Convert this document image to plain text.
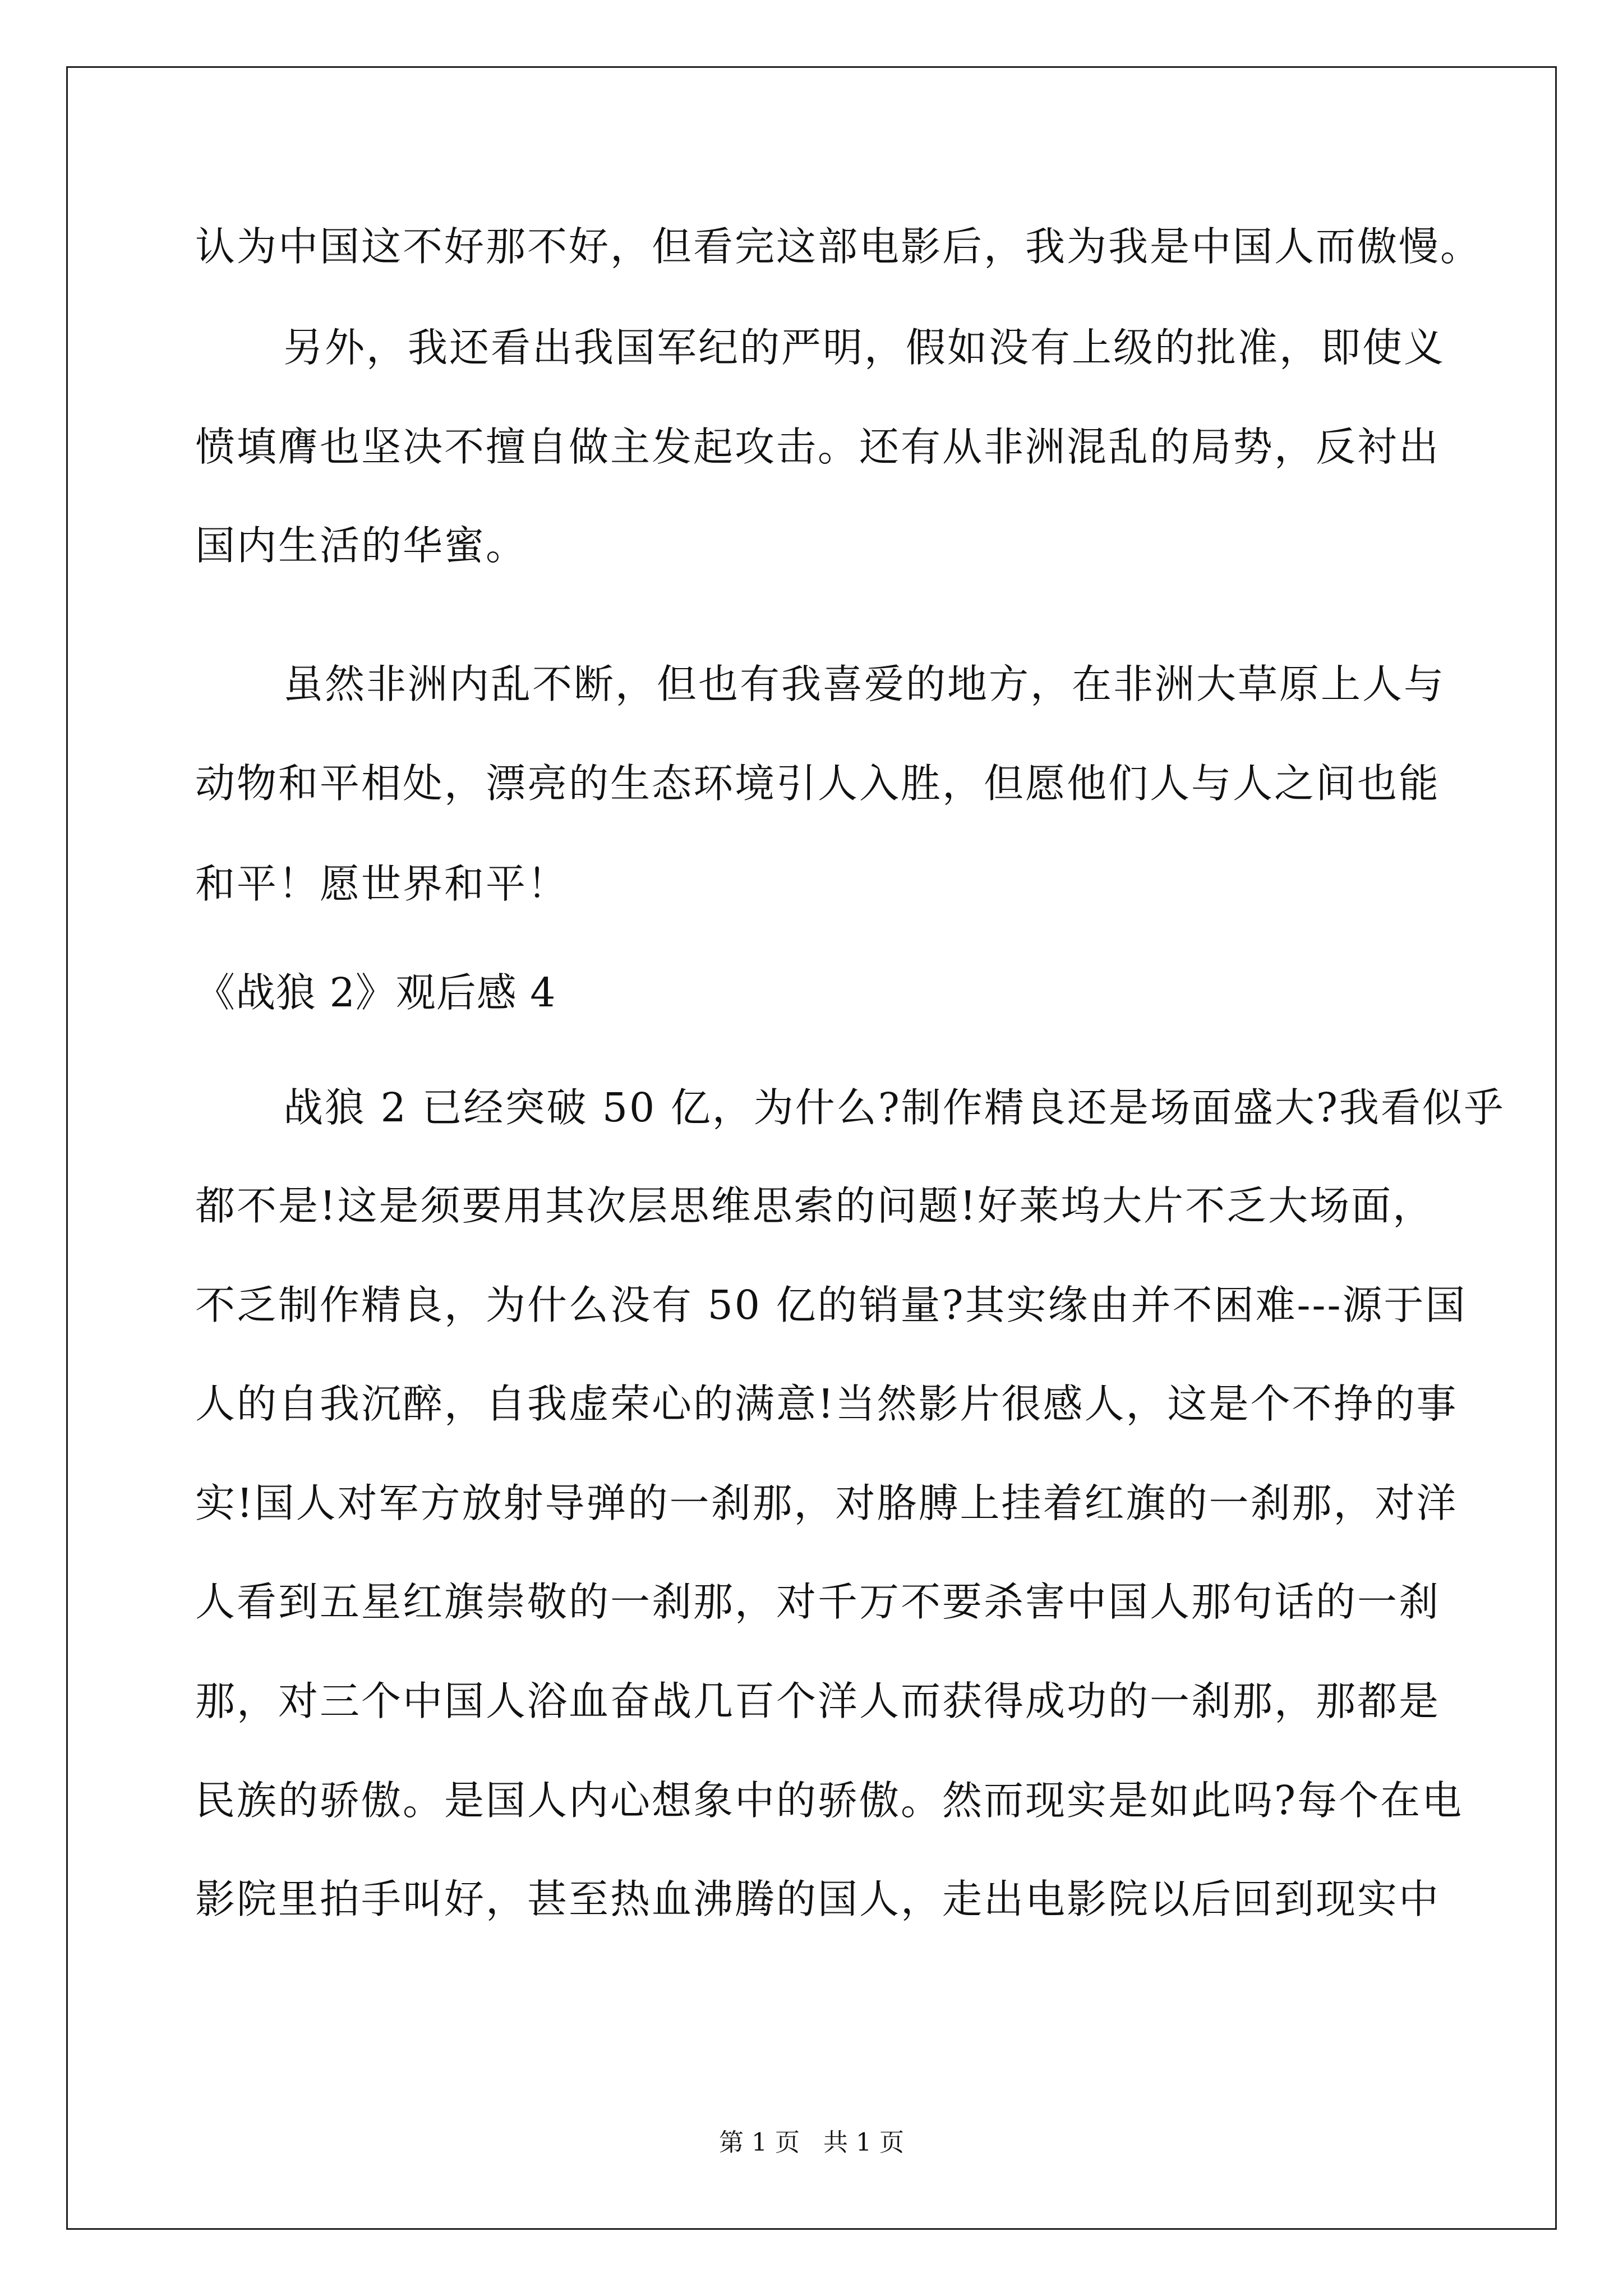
认为中国这不好那不好，但看完这部电影后，我为我是中国人而傲慢。

另外，我还看出我国军纪的严明，假如没有上级的批准，即使义

愤填膺也坚决不擅自做主发起攻击。还有从非洲混乱的局势，反衬出

国内生活的华蜜。

虽然非洲内乱不断，但也有我喜爱的地方，在非洲大草原上人与

动物和平相处，漂亮的生态环境引人入胜，但愿他们人与人之间也能

和平！愿世界和平！

《战狼 2》观后感 4

战狼 2 已经突破 50 亿，为什么?制作精良还是场面盛大?我看似乎

都不是!这是须要用其次层思维思索的问题!好莱坞大片不乏大场面，

不乏制作精良，为什么没有 50 亿的销量?其实缘由并不困难---源于国

人的自我沉醉，自我虚荣心的满意!当然影片很感人，这是个不挣的事

实!国人对军方放射导弹的一刹那，对胳膊上挂着红旗的一刹那，对洋

人看到五星红旗崇敬的一刹那，对千万不要杀害中国人那句话的一刹

那，对三个中国人浴血奋战几百个洋人而获得成功的一刹那，那都是

民族的骄傲。是国人内心想象中的骄傲。然而现实是如此吗?每个在电

影院里拍手叫好，甚至热血沸腾的国人，走出电影院以后回到现实中

第 1 页   共 1 页
